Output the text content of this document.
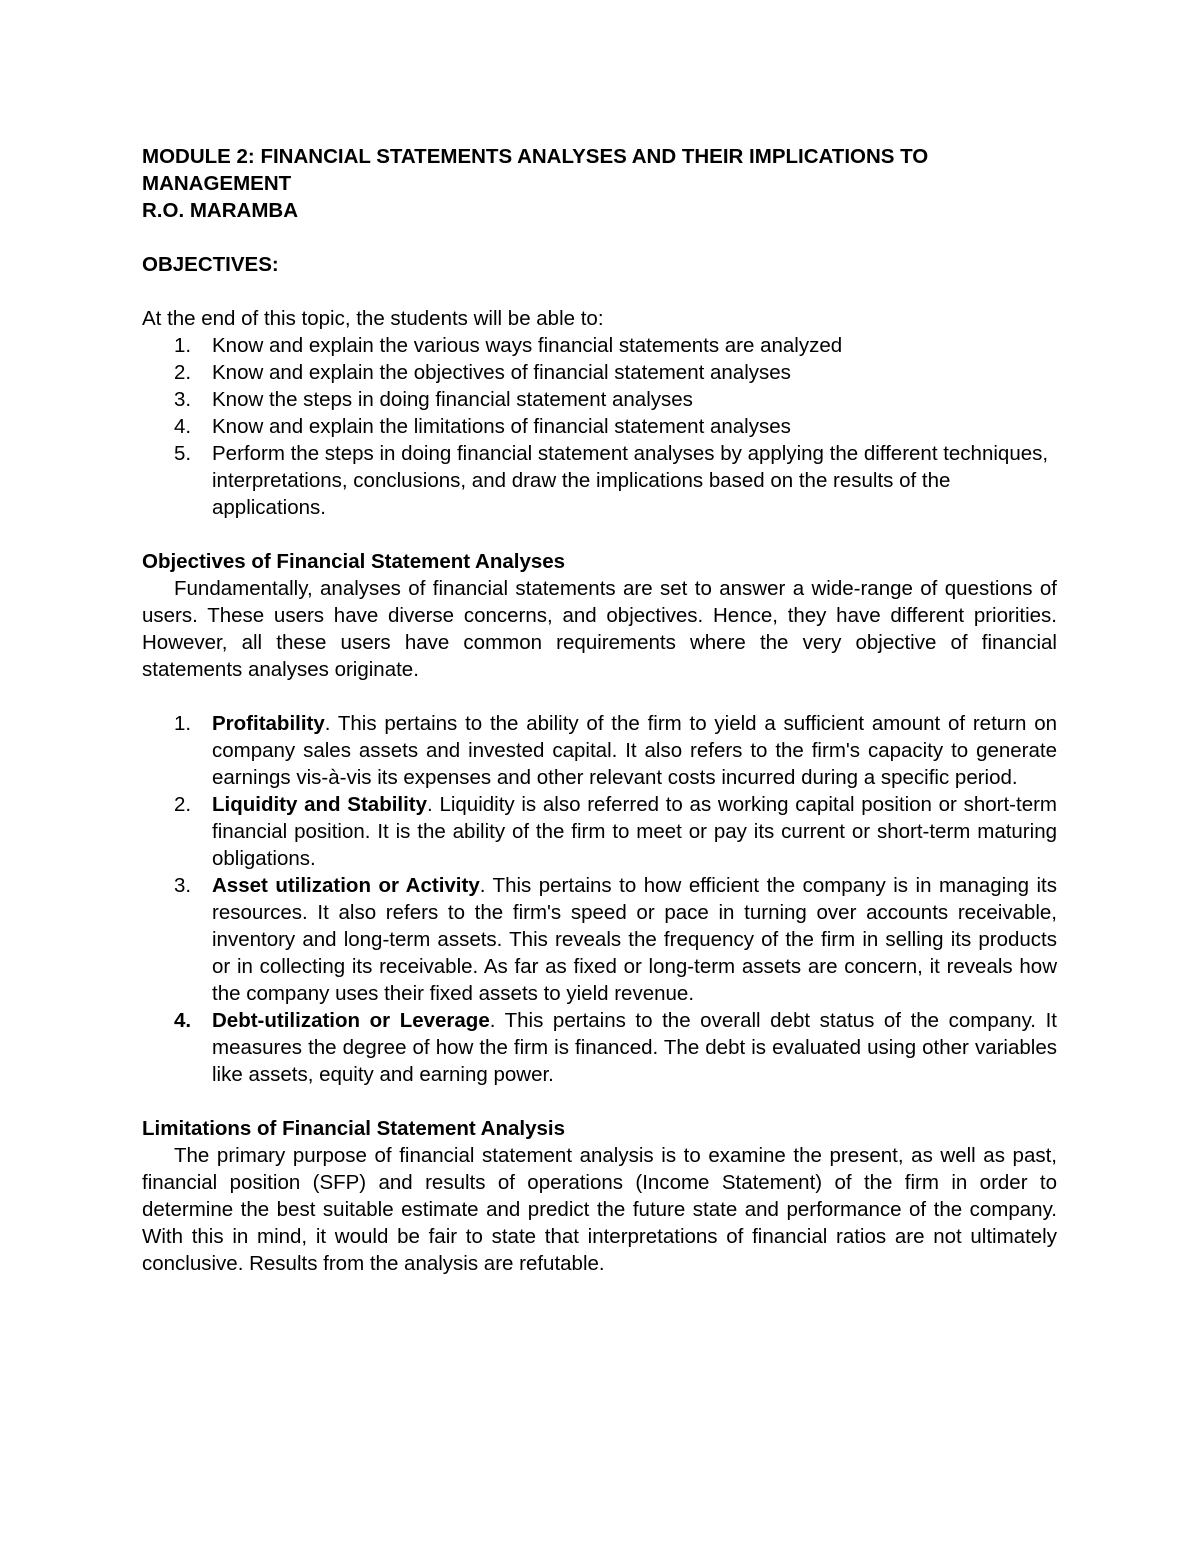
MODULE 2: FINANCIAL STATEMENTS ANALYSES AND THEIR IMPLICATIONS TO

MANAGEMENT

R.O. MARAMBA

OBJECTIVES:

At the end of this topic, the students will be able to:

1. Know and explain the various ways financial statements are analyzed
2. Know and explain the objectives of financial statement analyses
3. Know the steps in doing financial statement analyses
4. Know and explain the limitations of financial statement analyses
5. Perform the steps in doing financial statement analyses by applying the different techniques, interpretations, conclusions, and draw the implications based on the results of the applications.

Objectives of Financial Statement Analyses

Fundamentally, analyses of financial statements are set to answer a wide-range of questions of users. These users have diverse concerns, and objectives. Hence, they have different priorities. However, all these users have common requirements where the very objective of financial statements analyses originate.

1. Profitability. This pertains to the ability of the firm to yield a sufficient amount of return on company sales assets and invested capital. It also refers to the firm's capacity to generate earnings vis-à-vis its expenses and other relevant costs incurred during a specific period.
2. Liquidity and Stability. Liquidity is also referred to as working capital position or short-term financial position. It is the ability of the firm to meet or pay its current or short-term maturing obligations.
3. Asset utilization or Activity. This pertains to how efficient the company is in managing its resources. It also refers to the firm's speed or pace in turning over accounts receivable, inventory and long-term assets. This reveals the frequency of the firm in selling its products or in collecting its receivable. As far as fixed or long-term assets are concern, it reveals how the company uses their fixed assets to yield revenue.
4. Debt-utilization or Leverage. This pertains to the overall debt status of the company. It measures the degree of how the firm is financed. The debt is evaluated using other variables like assets, equity and earning power.

Limitations of Financial Statement Analysis

The primary purpose of financial statement analysis is to examine the present, as well as past, financial position (SFP) and results of operations (Income Statement) of the firm in order to determine the best suitable estimate and predict the future state and performance of the company. With this in mind, it would be fair to state that interpretations of financial ratios are not ultimately conclusive. Results from the analysis are refutable.
